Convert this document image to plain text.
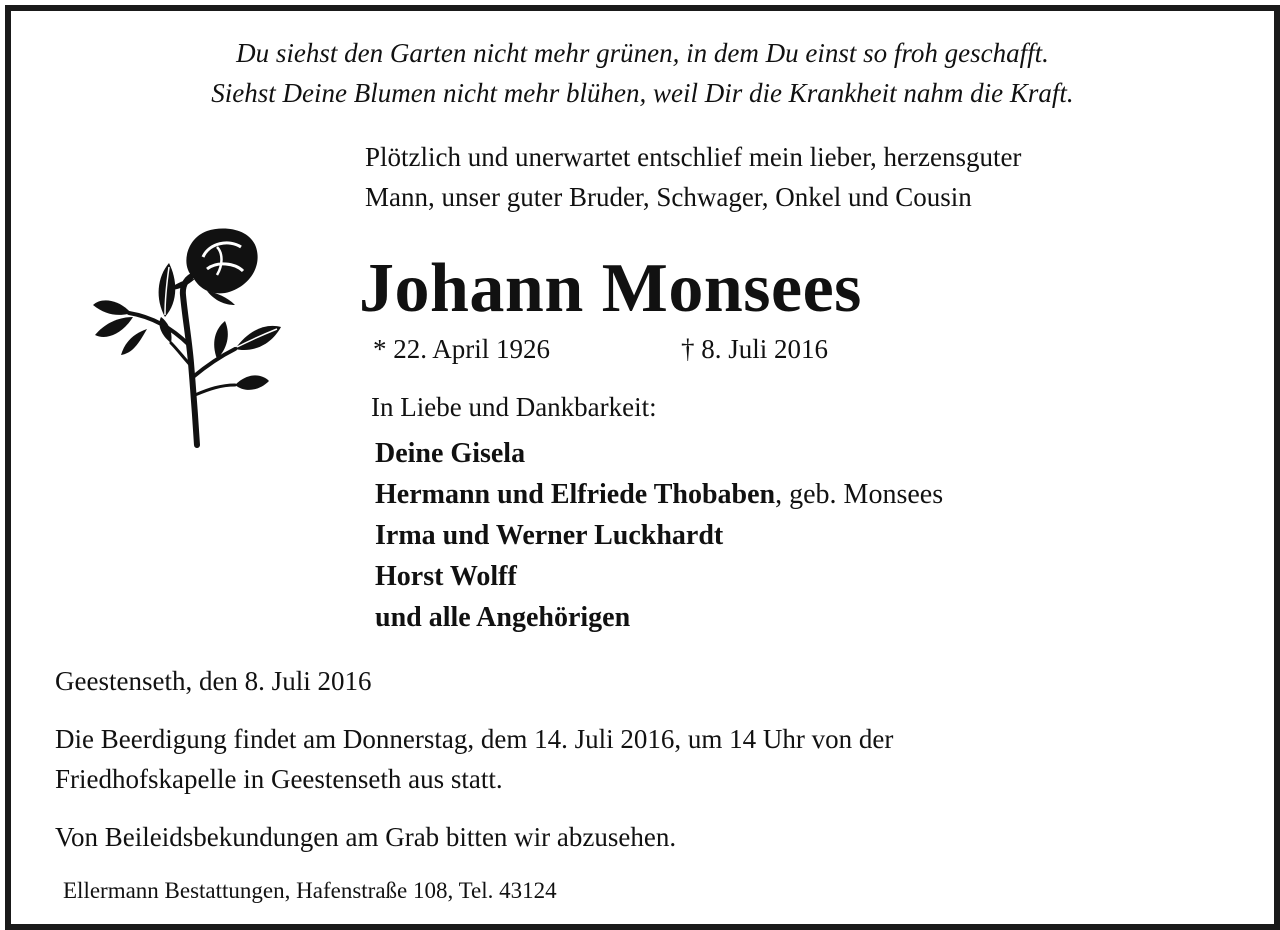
Du siehst den Garten nicht mehr grünen, in dem Du einst so froh geschafft.
Siehst Deine Blumen nicht mehr blühen, weil Dir die Krankheit nahm die Kraft.
Plötzlich und unerwartet entschlief mein lieber, herzensguter
Mann, unser guter Bruder, Schwager, Onkel und Cousin
Johann Monsees
* 22. April 1926	† 8. Juli 2016
In Liebe und Dankbarkeit:
Deine Gisela
Hermann und Elfriede Thobaben, geb. Monsees
Irma und Werner Luckhardt
Horst Wolff
und alle Angehörigen
Geestenseth, den 8. Juli 2016
Die Beerdigung findet am Donnerstag, dem 14. Juli 2016, um 14 Uhr von der
Friedhofskapelle in Geestenseth aus statt.
Von Beileidsbekundungen am Grab bitten wir abzusehen.
Ellermann Bestattungen, Hafenstraße 108, Tel. 43124
